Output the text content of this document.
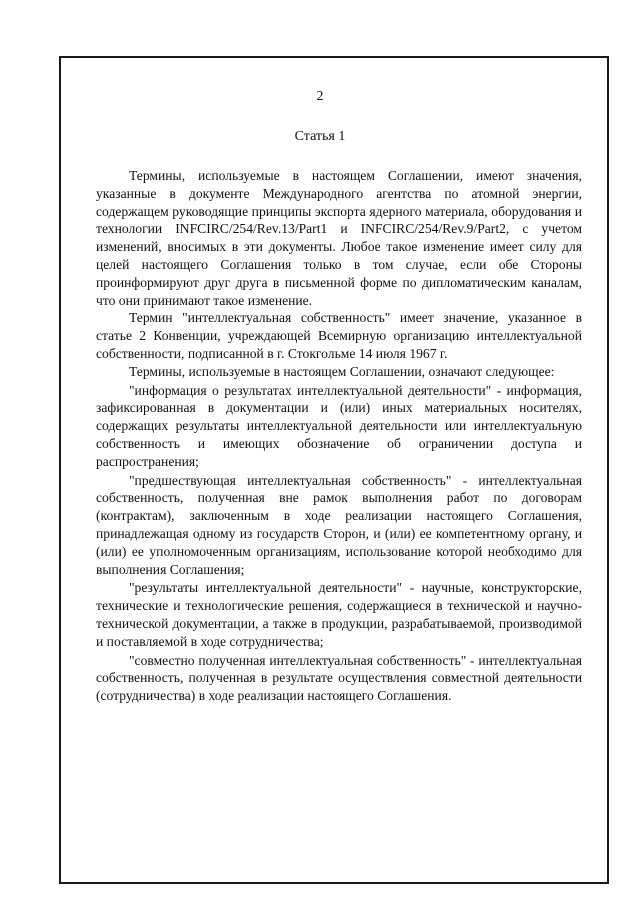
2
Статья 1

Термины, используемые в настоящем Соглашении, имеют значения, указанные в документе Международного агентства по атомной энергии, содержащем руководящие принципы экспорта ядерного материала, оборудования и технологии INFCIRC/254/Rev.13/Part1 и INFCIRC/254/Rev.9/Part2, с учетом изменений, вносимых в эти документы. Любое такое изменение имеет силу для целей настоящего Соглашения только в том случае, если обе Стороны проинформируют друг друга в письменной форме по дипломатическим каналам, что они принимают такое изменение.

Термин "интеллектуальная собственность" имеет значение, указанное в статье 2 Конвенции, учреждающей Всемирную организацию интеллектуальной собственности, подписанной в г. Стокгольме 14 июля 1967 г.

Термины, используемые в настоящем Соглашении, означают следующее:

"информация о результатах интеллектуальной деятельности" - информация, зафиксированная в документации и (или) иных материальных носителях, содержащих результаты интеллектуальной деятельности или интеллектуальную собственность и имеющих обозначение об ограничении доступа и распространения;

"предшествующая интеллектуальная собственность" - интеллектуальная собственность, полученная вне рамок выполнения работ по договорам (контрактам), заключенным в ходе реализации настоящего Соглашения, принадлежащая одному из государств Сторон, и (или) ее компетентному органу, и (или) ее уполномоченным организациям, использование которой необходимо для выполнения Соглашения;

"результаты интеллектуальной деятельности" - научные, конструкторские, технические и технологические решения, содержащиеся в технической и научно-технической документации, а также в продукции, разрабатываемой, производимой и поставляемой в ходе сотрудничества;

"совместно полученная интеллектуальная собственность" - интеллектуальная собственность, полученная в результате осуществления совместной деятельности (сотрудничества) в ходе реализации настоящего Соглашения.
